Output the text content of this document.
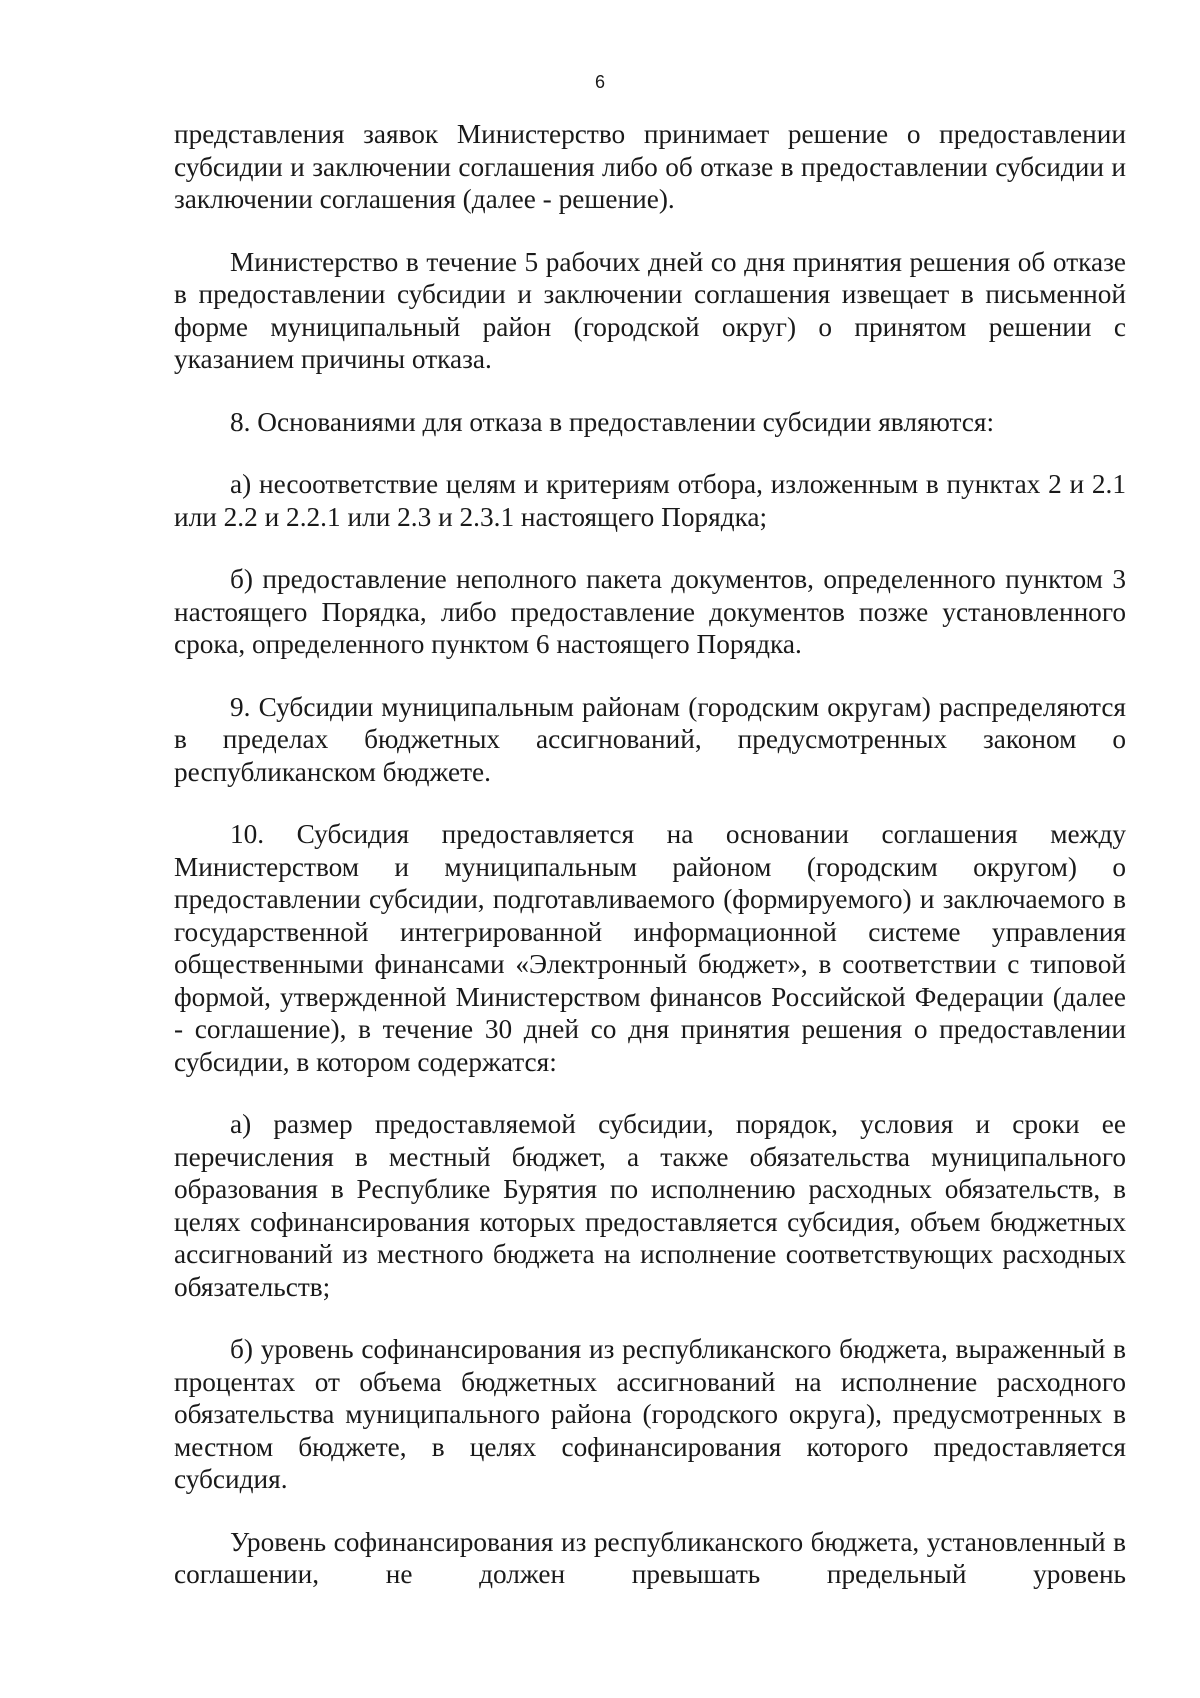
6

представления заявок Министерство принимает решение о предоставлении субсидии и заключении соглашения либо об отказе в предоставлении субсидии и заключении соглашения (далее - решение).

Министерство в течение 5 рабочих дней со дня принятия решения об отказе в предоставлении субсидии и заключении соглашения извещает в письменной форме муниципальный район (городской округ) о принятом решении с указанием причины отказа.

8. Основаниями для отказа в предоставлении субсидии являются:

а) несоответствие целям и критериям отбора, изложенным в пунктах 2 и 2.1 или 2.2 и 2.2.1 или 2.3 и 2.3.1 настоящего Порядка;

б) предоставление неполного пакета документов, определенного пунктом 3 настоящего Порядка, либо предоставление документов позже установленного срока, определенного пунктом 6 настоящего Порядка.

9. Субсидии муниципальным районам (городским округам) распределяются в пределах бюджетных ассигнований, предусмотренных законом о республиканском бюджете.

10. Субсидия предоставляется на основании соглашения между Министерством и муниципальным районом (городским округом) о предоставлении субсидии, подготавливаемого (формируемого) и заключаемого в государственной интегрированной информационной системе управления общественными финансами «Электронный бюджет», в соответствии с типовой формой, утвержденной Министерством финансов Российской Федерации (далее - соглашение), в течение 30 дней со дня принятия решения о предоставлении субсидии, в котором содержатся:

а) размер предоставляемой субсидии, порядок, условия и сроки ее перечисления в местный бюджет, а также обязательства муниципального образования в Республике Бурятия по исполнению расходных обязательств, в целях софинансирования которых предоставляется субсидия, объем бюджетных ассигнований из местного бюджета на исполнение соответствующих расходных обязательств;

б) уровень софинансирования из республиканского бюджета, выраженный в процентах от объема бюджетных ассигнований на исполнение расходного обязательства муниципального района (городского округа), предусмотренных в местном бюджете, в целях софинансирования которого предоставляется субсидия.

Уровень софинансирования из республиканского бюджета, установленный в соглашении, не должен превышать предельный уровень
